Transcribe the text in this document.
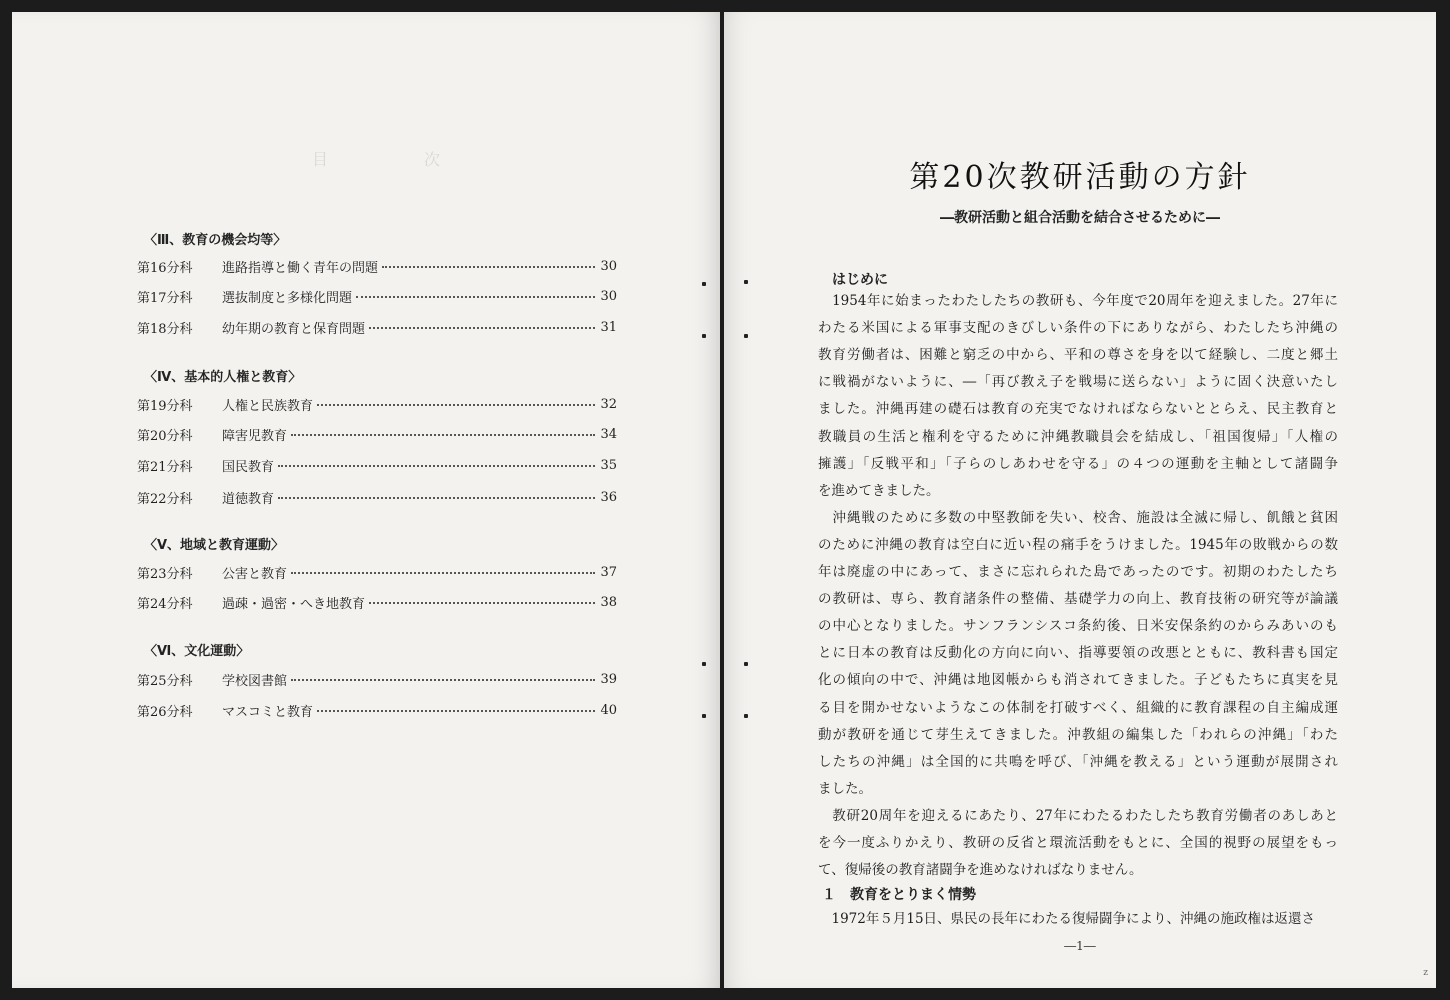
目　次
〈Ⅲ、教育の機会均等〉
第16分科	進路指導と働く青年の問題	30
第17分科	選抜制度と多様化問題	30
第18分科	幼年期の教育と保育問題	31
〈Ⅳ、基本的人権と教育〉
第19分科	人権と民族教育	32
第20分科	障害児教育	34
第21分科	国民教育	35
第22分科	道徳教育	36
〈Ⅴ、地域と教育運動〉
第23分科	公害と教育	37
第24分科	過疎・過密・へき地教育	38
〈Ⅵ、文化運動〉
第25分科	学校図書館	39
第26分科	マスコミと教育	40
第20次教研活動の方針
―教研活動と組合活動を結合させるために―
はじめに
　1954年に始まったわたしたちの教研も、今年度で20周年を迎えました。27年に
わたる米国による軍事支配のきびしい条件の下にありながら、わたしたち沖縄の
教育労働者は、困難と窮乏の中から、平和の尊さを身を以て経験し、二度と郷土
に戦禍がないように、―「再び教え子を戦場に送らない」ように固く決意いたし
ました。沖縄再建の礎石は教育の充実でなければならないととらえ、民主教育と
教職員の生活と権利を守るために沖縄教職員会を結成し、「祖国復帰」「人権の
擁護」「反戦平和」「子らのしあわせを守る」の４つの運動を主軸として諸闘争
を進めてきました。
　沖縄戦のために多数の中堅教師を失い、校舎、施設は全滅に帰し、飢餓と貧困
のために沖縄の教育は空白に近い程の痛手をうけました。1945年の敗戦からの数
年は廃虚の中にあって、まさに忘れられた島であったのです。初期のわたしたち
の教研は、専ら、教育諸条件の整備、基礎学力の向上、教育技術の研究等が論議
の中心となりました。サンフランシスコ条約後、日米安保条約のからみあいのも
とに日本の教育は反動化の方向に向い、指導要領の改悪とともに、教科書も国定
化の傾向の中で、沖縄は地図帳からも消されてきました。子どもたちに真実を見
る目を開かせないようなこの体制を打破すべく、組織的に教育課程の自主編成運
動が教研を通じて芽生えてきました。沖教組の編集した「われらの沖縄」「わた
したちの沖縄」は全国的に共鳴を呼び、「沖縄を教える」という運動が展開され
ました。
　教研20周年を迎えるにあたり、27年にわたるわたしたち教育労働者のあしあと
を今一度ふりかえり、教研の反省と環流活動をもとに、全国的視野の展望をもっ
て、復帰後の教育諸闘争を進めなければなりません。
１　教育をとりまく情勢
　1972年５月15日、県民の長年にわたる復帰闘争により、沖縄の施政権は返還さ
―1―
z
